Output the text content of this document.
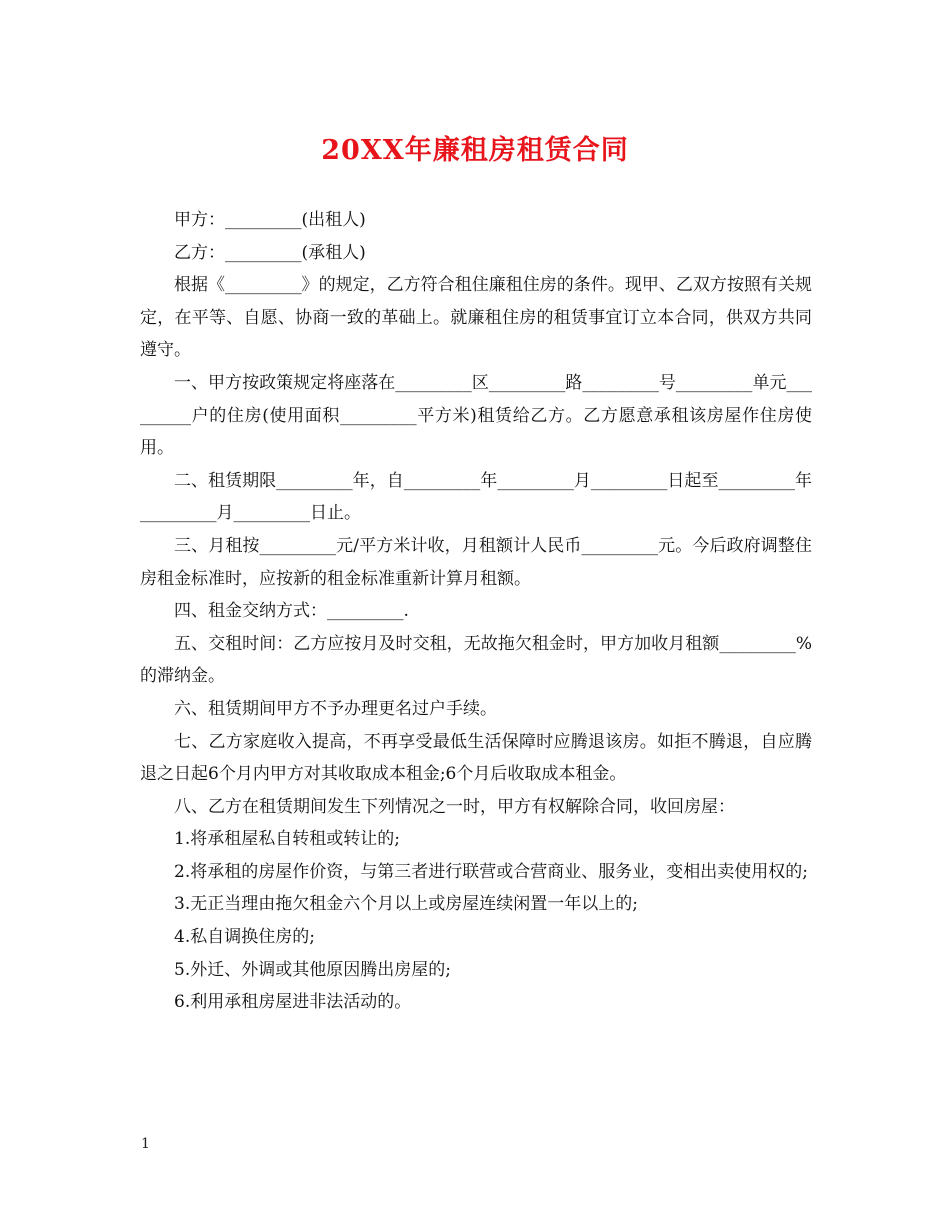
20XX年廉租房租赁合同

甲方：_________(出租人)

乙方：_________(承租人)

根据《_________》的规定，乙方符合租住廉租住房的条件。现甲、乙双方按照有关规定，在平等、自愿、协商一致的革础上。就廉租住房的租赁事宜订立本合同，供双方共同遵守。

一、甲方按政策规定将座落在_________区_________路_________号_________单元_________户的住房(使用面积_________平方米)租赁给乙方。乙方愿意承租该房屋作住房使用。

二、租赁期限_________年，自_________年_________月_________日起至_________年_________月_________日止。

三、月租按_________元/平方米计收，月租额计人民币_________元。今后政府调整住房租金标准时，应按新的租金标准重新计算月租额。

四、租金交纳方式：_________.

五、交租时间：乙方应按月及时交租，无故拖欠租金时，甲方加收月租额_________%的滞纳金。

六、租赁期间甲方不予办理更名过户手续。

七、乙方家庭收入提高，不再享受最低生活保障时应腾退该房。如拒不腾退，自应腾退之日起6个月内甲方对其收取成本租金;6个月后收取成本租金。

八、乙方在租赁期间发生下列情况之一时，甲方有权解除合同，收回房屋：

1.将承租屋私自转租或转让的;

2.将承租的房屋作价资，与第三者进行联营或合营商业、服务业，变相出卖使用权的;

3.无正当理由拖欠租金六个月以上或房屋连续闲置一年以上的;

4.私自调换住房的;

5.外迁、外调或其他原因腾出房屋的;

6.利用承租房屋进非法活动的。

1
